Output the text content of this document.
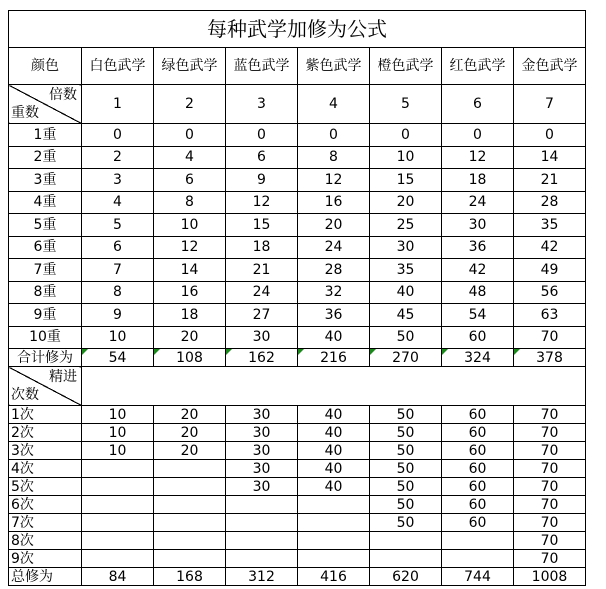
每种武学加修为公式							
颜色	白色武学	绿色武学	蓝色武学	紫色武学	橙色武学	红色武学	金色武学

倍数
重数	1	2	3	4	5	6	7
1重	0	0	0	0	0	0	0
2重	2	4	6	8	10	12	14
3重	3	6	9	12	15	18	21
4重	4	8	12	16	20	24	28
5重	5	10	15	20	25	30	35
6重	6	12	18	24	30	36	42
7重	7	14	21	28	35	42	49
8重	8	16	24	32	40	48	56
9重	9	18	27	36	45	54	63
10重	10	20	30	40	50	60	70
合计修为	54	108	162	216	270	324	378

精进
次数							

1次	10	20	30	40	50	60	70
2次	10	20	30	40	50	60	70
3次	10	20	30	40	50	60	70
4次			30	40	50	60	70
5次			30	40	50	60	70
6次					50	60	70
7次					50	60	70
8次							70
9次							70
总修为	84	168	312	416	620	744	1008
